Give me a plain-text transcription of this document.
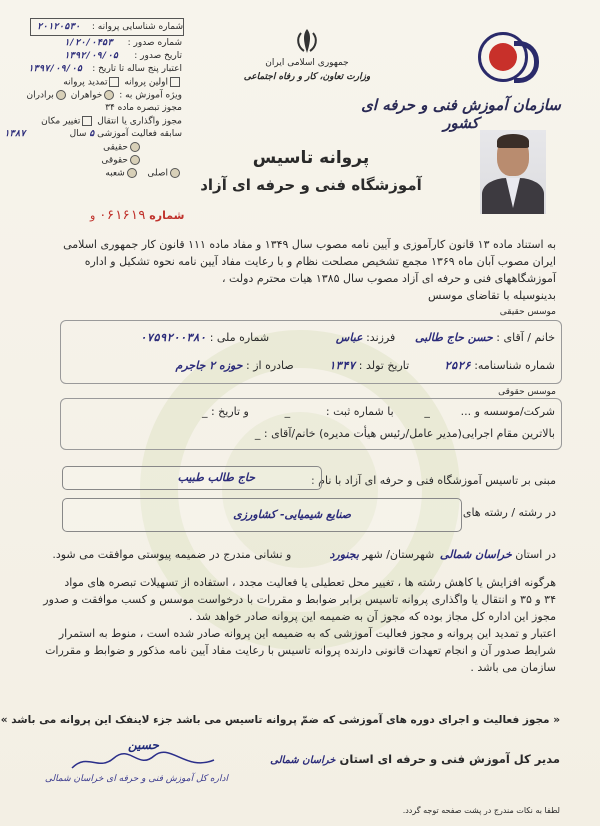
شماره شناسایی پروانه :
۲۰۱۲۰۵۳۰
شماره صدور :
۱/۲۰/۰۴۵۳
تاریخ صدور :
۱۳۹۲/۰۹/۰۵
اعتبار پنج ساله تا تاریخ :
۱۳۹۷/۰۹/۰۵
اولین پروانه تمدید پروانه
ویژه آموزش به : خواهران برادران
مجوز تبصره ماده ۳۴
مجوز واگذاری یا انتقال تغییر مکان
سابقه فعالیت آموزشی ۵ سال
۱۳۸۷
حقیقی
حقوقی
اصلی   شعبه
شماره ۰۶۱۶۱۹ و
جمهوری اسلامی ایران
وزارت تعاون، کار و رفاه اجتماعی
سازمان آموزش فنی و حرفه ای کشور
پروانه تاسیس
آموزشگاه فنی و حرفه ای آزاد
به استناد ماده ۱۳ قانون کارآموزی و آیین نامه مصوب سال ۱۳۴۹ و مفاد ماده ۱۱۱ قانون کار جمهوری اسلامی
ایران مصوب آبان ماه ۱۳۶۹ مجمع تشخیص مصلحت نظام و با رعایت مفاد آیین نامه نحوه تشکیل و اداره
آموزشگاههای فنی و حرفه ای آزاد مصوب سال ۱۳۸۵ هیات محترم دولت ،
بدینوسیله با تقاضای موسس
موسس حقیقی
خانم / آقای : حسن حاج طالبی فرزند: عباس شماره ملی : ۰۷۵۹۲۰۰۳۸۰
شماره شناسنامه: ۲۵۲۶ تاریخ تولد : ۱۳۴۷ صادره از : حوزه ۲ جاجرم
موسس حقوقی
شرکت/موسسه و ... _ با شماره ثبت : _ و تاریخ : _
بالاترین مقام اجرایی(مدیر عامل/رئیس هیأت مدیره) خانم/آقای : _
مبنی بر تاسیس آموزشگاه فنی و حرفه ای آزاد با نام :
حاج طالب طبیب
در رشته / رشته های
صنایع شیمیایی- کشاورزی
در استان خراسان شمالی شهرستان/ شهر بجنورد و نشانی مندرج در ضمیمه پیوستی موافقت می شود.
هرگونه افزایش یا کاهش رشته ها ، تغییر محل تعطیلی یا فعالیت مجدد ، استفاده از تسهیلات تبصره های مواد
۳۴ و ۳۵ و انتقال یا واگذاری پروانه تاسیس برابر ضوابط و مقررات با درخواست موسس و کسب موافقت و صدور
مجوز این اداره کل مجاز بوده که مجوز آن به ضمیمه این پروانه صادر خواهد شد .
اعتبار و تمدید این پروانه و مجوز فعالیت آموزشی که به ضمیمه این پروانه صادر شده است ، منوط به استمرار
شرایط صدور آن و انجام تعهدات قانونی دارنده پروانه تاسیس با رعایت مفاد آیین نامه مذکور و ضوابط و مقررات
سازمان می باشد .
« مجوز فعالیت و اجرای دوره های آموزشی که ضمّ پروانه تاسیس می باشد جزء لاینفک این پروانه می باشد »
مدیر کل آموزش فنی و حرفه ای استان خراسان شمالی
حسین
اداره کل آموزش فنی و حرفه ای خراسان شمالی
لطفا به نکات مندرج در پشت صفحه توجه گردد.
